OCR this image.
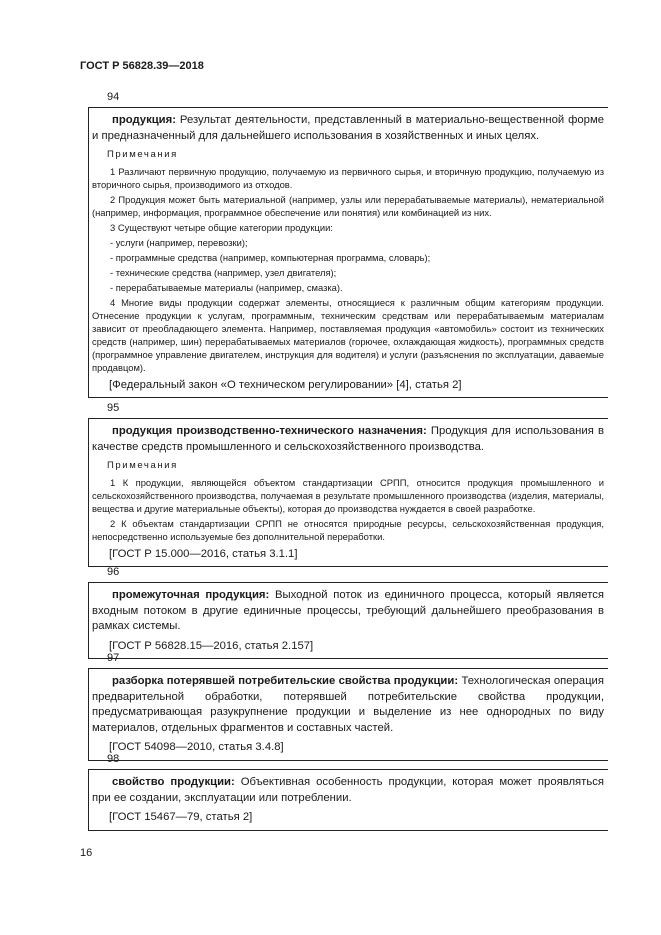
ГОСТ Р 56828.39—2018
94

продукция: Результат деятельности, представленный в материально-вещественной форме и предназначенный для дальнейшего использования в хозяйственных и иных целях.

Примечания

1 Различают первичную продукцию, получаемую из первичного сырья, и вторичную продукцию, получаемую из вторичного сырья, производимого из отходов.

2 Продукция может быть материальной (например, узлы или перерабатываемые материалы), нематериальной (например, информация, программное обеспечение или понятия) или комбинацией из них.

3 Существуют четыре общие категории продукции:

- услуги (например, перевозки);

- программные средства (например, компьютерная программа, словарь);

- технические средства (например, узел двигателя);

- перерабатываемые материалы (например, смазка).

4 Многие виды продукции содержат элементы, относящиеся к различным общим категориям продукции. Отнесение продукции к услугам, программным, техническим средствам или перерабатываемым материалам зависит от преобладающего элемента. Например, поставляемая продукция «автомобиль» состоит из технических средств (например, шин) перерабатываемых материалов (горючее, охлаждающая жидкость), программных средств (программное управление двигателем, инструкция для водителя) и услуги (разъяснения по эксплуатации, даваемые продавцом).

[Федеральный закон «О техническом регулировании» [4], статья 2]

95

продукция производственно-технического назначения: Продукция для использования в качестве средств промышленного и сельскохозяйственного производства.

Примечания

1 К продукции, являющейся объектом стандартизации СРПП, относится продукция промышленного и сельскохозяйственного производства, получаемая в результате промышленного производства (изделия, материалы, вещества и другие материальные объекты), которая до производства нуждается в своей разработке.

2 К объектам стандартизации СРПП не относятся природные ресурсы, сельскохозяйственная продукция, непосредственно используемые без дополнительной переработки.

[ГОСТ Р 15.000—2016, статья 3.1.1]

96

промежуточная продукция: Выходной поток из единичного процесса, который является входным потоком в другие единичные процессы, требующий дальнейшего преобразования в рамках системы.

[ГОСТ Р 56828.15—2016, статья 2.157]

97

разборка потерявшей потребительские свойства продукции: Технологическая операция предварительной обработки, потерявшей потребительские свойства продукции, предусматривающая разукрупнение продукции и выделение из нее однородных по виду материалов, отдельных фрагментов и составных частей.

[ГОСТ 54098—2010, статья 3.4.8]

98

свойство продукции: Объективная особенность продукции, которая может проявляться при ее создании, эксплуатации или потреблении.

[ГОСТ 15467—79, статья 2]

16
